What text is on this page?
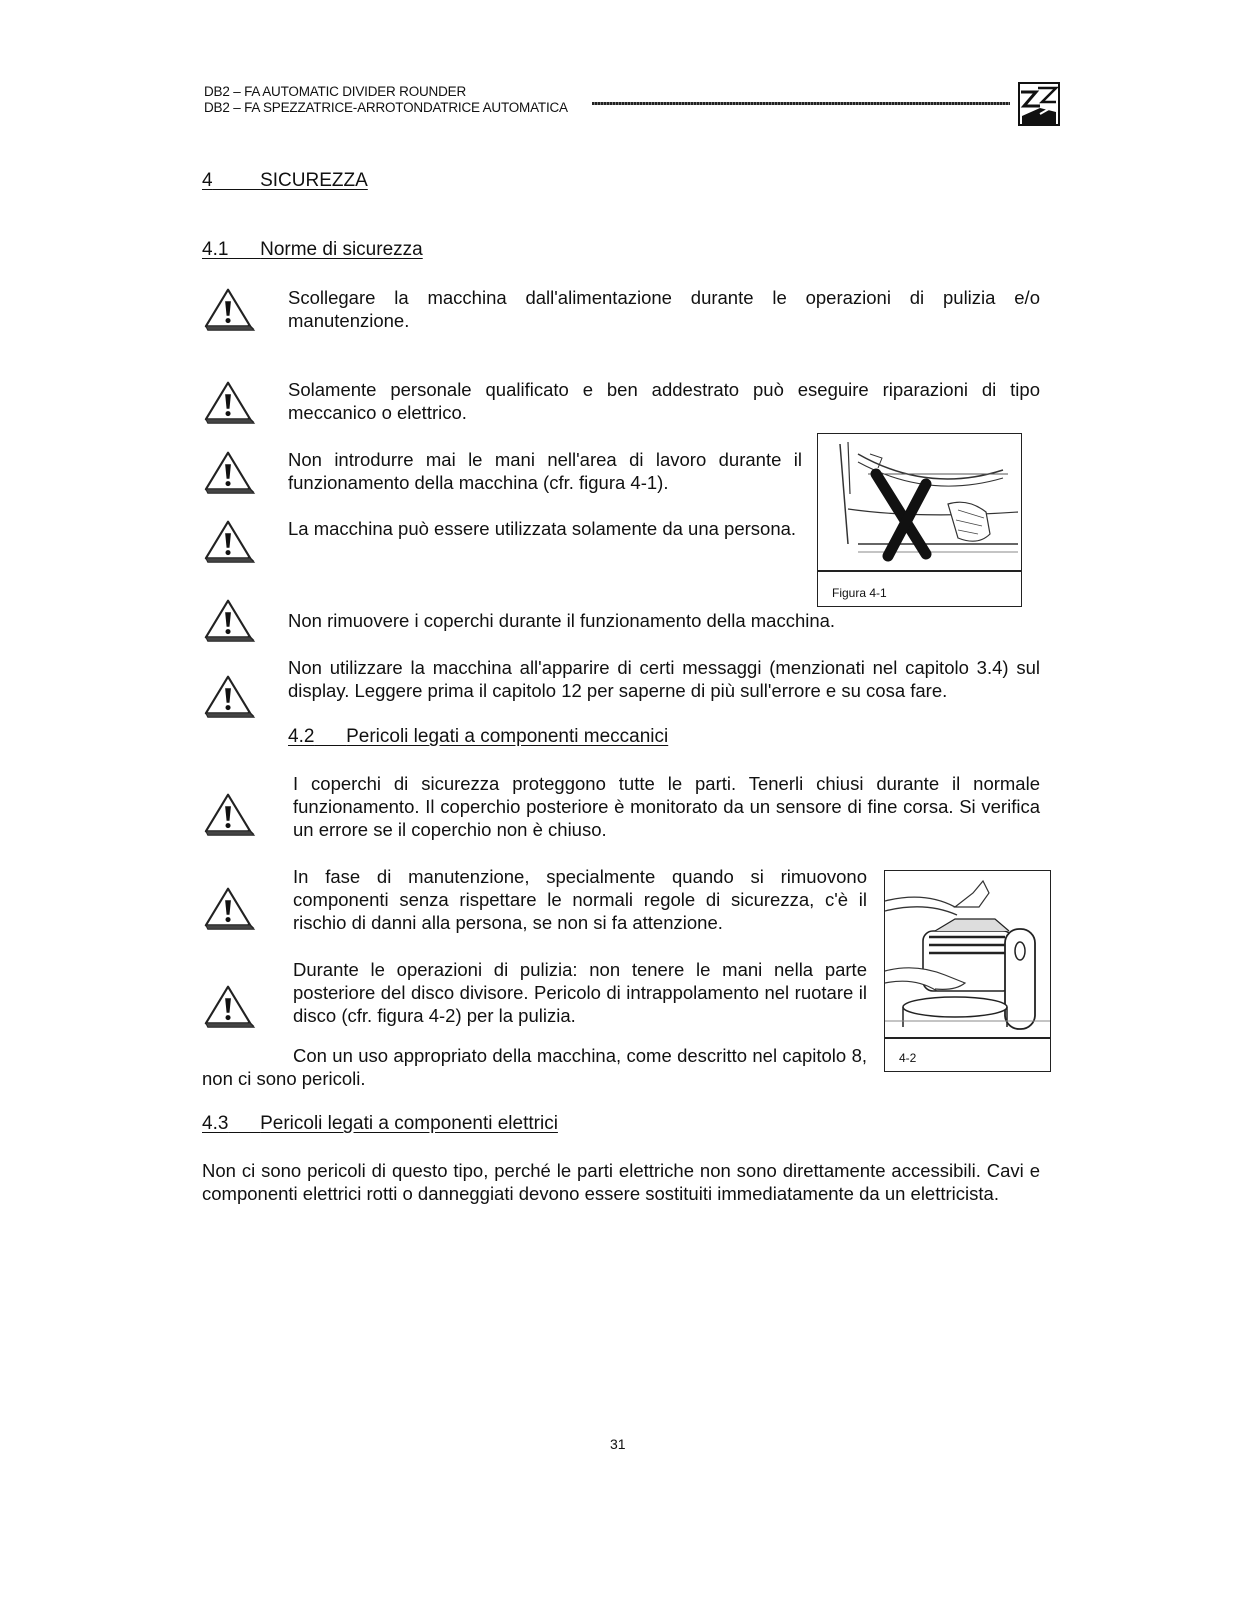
DB2 – FA AUTOMATIC DIVIDER ROUNDER
DB2 – FA SPEZZATRICE-ARROTONDATRICE AUTOMATICA
4	SICUREZZA
4.1 Norme di sicurezza
Scollegare la macchina dall'alimentazione durante le operazioni di pulizia e/o manutenzione.
Solamente personale qualificato e ben addestrato può eseguire riparazioni di tipo meccanico o elettrico.
Non introdurre mai le mani nell'area di lavoro durante il funzionamento della macchina (cfr. figura 4-1).
La macchina può essere utilizzata solamente da una persona.
Figura 4-1
Non rimuovere i coperchi durante il funzionamento della macchina.
Non utilizzare la macchina all'apparire di certi messaggi (menzionati nel capitolo 3.4) sul display. Leggere prima il capitolo 12 per saperne di più sull'errore e su cosa fare.
4.2 Pericoli legati a componenti meccanici
I coperchi di sicurezza proteggono tutte le parti. Tenerli chiusi durante il normale funzionamento. Il coperchio posteriore è monitorato da un sensore di fine corsa. Si verifica un errore se il coperchio non è chiuso.
In fase di manutenzione, specialmente quando si rimuovono componenti senza rispettare le normali regole di sicurezza, c'è il rischio di danni alla persona, se non si fa attenzione.
Durante le operazioni di pulizia: non tenere le mani nella parte posteriore del disco divisore. Pericolo di intrappolamento nel ruotare il disco (cfr. figura 4-2) per la pulizia.
Con un uso appropriato della macchina, come descritto nel capitolo 8, non ci sono pericoli.
4-2
4.3 Pericoli legati a componenti elettrici
Non ci sono pericoli di questo tipo, perché le parti elettriche non sono direttamente accessibili. Cavi e componenti elettrici rotti o danneggiati devono essere sostituiti immediatamente da un elettricista.
31
